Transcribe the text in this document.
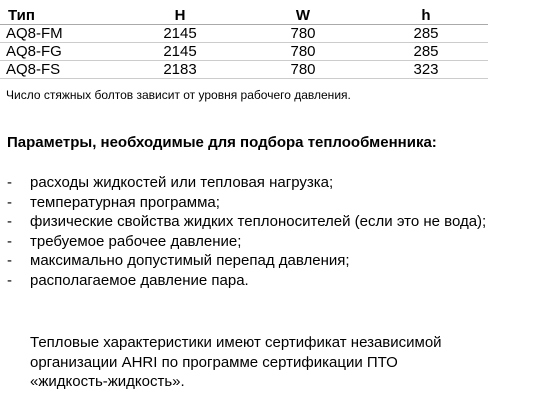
Тип	H	W	h
AQ8-FM	2145	780	285
AQ8-FG	2145	780	285
AQ8-FS	2183	780	323

Число стяжных болтов зависит от уровня рабочего давления.

Параметры, необходимые для подбора теплообменника:
- расходы жидкостей или тепловая нагрузка;
- температурная программа;
- физические свойства жидких теплоносителей (если это не вода);
- требуемое рабочее давление;
- максимально допустимый перепад давления;
- располагаемое давление пара.

Тепловые характеристики имеют сертификат независимой организации AHRI по программе сертификации ПТО «жидкость-жидкость».
